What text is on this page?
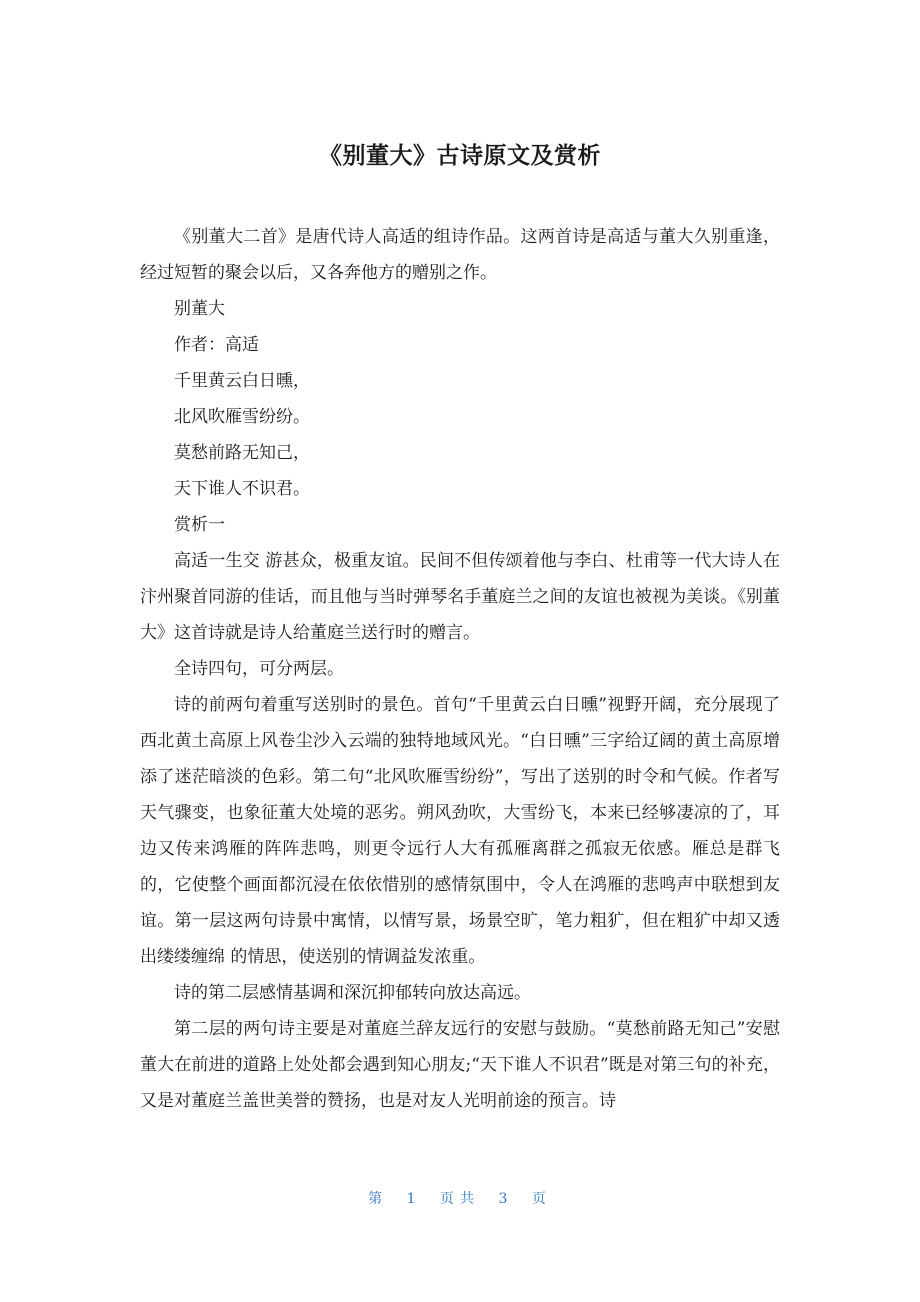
《别董大》古诗原文及赏析

《别董大二首》是唐代诗人高适的组诗作品。这两首诗是高适与董大久别重逢，经过短暂的聚会以后，又各奔他方的赠别之作。

别董大

作者：高适

千里黄云白日曛，

北风吹雁雪纷纷。

莫愁前路无知己，

天下谁人不识君。

赏析一

高适一生交 游甚众，极重友谊。民间不但传颂着他与李白、杜甫等一代大诗人在汴州聚首同游的佳话，而且他与当时弹琴名手董庭兰之间的友谊也被视为美谈。《别董大》这首诗就是诗人给董庭兰送行时的赠言。

全诗四句，可分两层。

诗的前两句着重写送别时的景色。首句“千里黄云白日曛”视野开阔，充分展现了西北黄土高原上风卷尘沙入云端的独特地域风光。“白日曛”三字给辽阔的黄土高原增添了迷茫暗淡的色彩。第二句“北风吹雁雪纷纷”，写出了送别的时令和气候。作者写天气骤变，也象征董大处境的恶劣。朔风劲吹，大雪纷飞，本来已经够凄凉的了，耳边又传来鸿雁的阵阵悲鸣，则更令远行人大有孤雁离群之孤寂无依感。雁总是群飞的，它使整个画面都沉浸在依依惜别的感情氛围中，令人在鸿雁的悲鸣声中联想到友谊。第一层这两句诗景中寓情，以情写景，场景空旷，笔力粗犷，但在粗犷中却又透出缕缕缠绵 的情思，使送别的情调益发浓重。

诗的第二层感情基调和深沉抑郁转向放达高远。

第二层的两句诗主要是对董庭兰辞友远行的安慰与鼓励。“莫愁前路无知己”安慰董大在前进的道路上处处都会遇到知心朋友;“天下谁人不识君”既是对第三句的补充，又是对董庭兰盖世美誉的赞扬，也是对友人光明前途的预言。诗

第 1 页共 3 页
